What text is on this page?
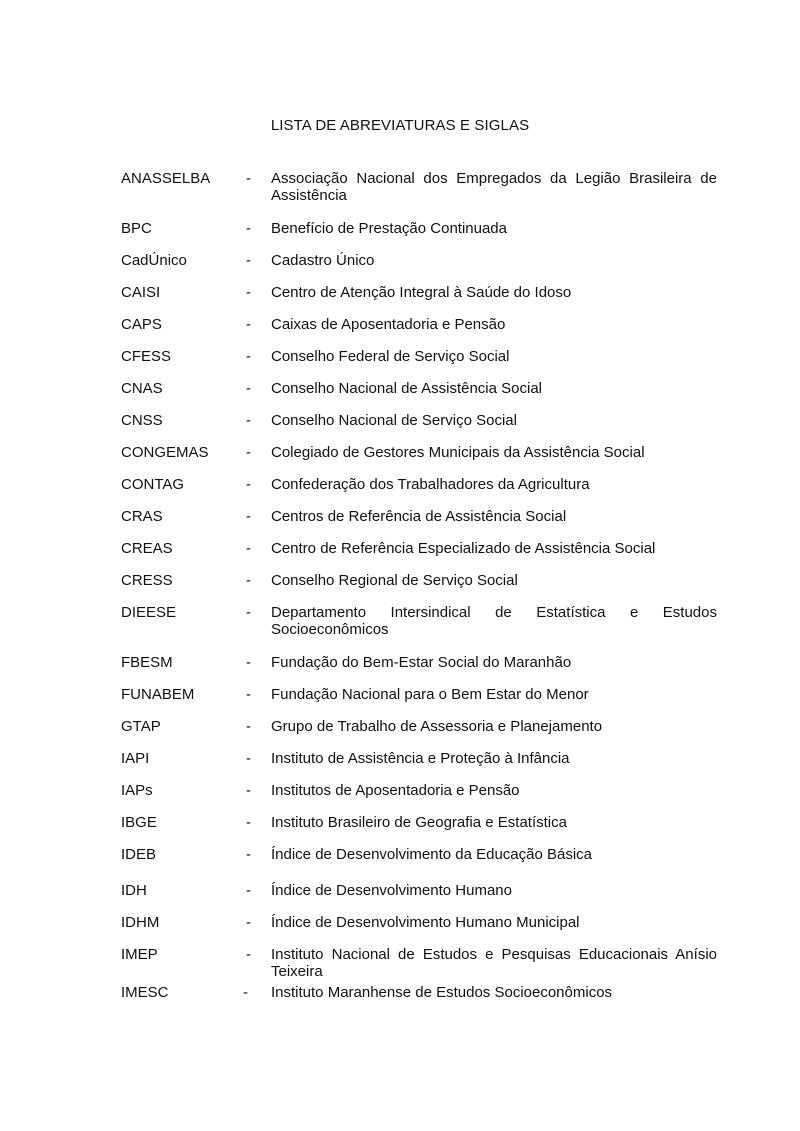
LISTA DE ABREVIATURAS E SIGLAS
ANASSELBA - Associação Nacional dos Empregados da Legião Brasileira de Assistência
BPC	- Benefício de Prestação Continuada
CadÚnico	- Cadastro Único
CAISI	- Centro de Atenção Integral à Saúde do Idoso
CAPS	- Caixas de Aposentadoria e Pensão
CFESS	- Conselho Federal de Serviço Social
CNAS	- Conselho Nacional de Assistência Social
CNSS	- Conselho Nacional de Serviço Social
CONGEMAS - Colegiado de Gestores Municipais da Assistência Social
CONTAG	- Confederação dos Trabalhadores da Agricultura
CRAS	- Centros de Referência de Assistência Social
CREAS	- Centro de Referência Especializado de Assistência Social
CRESS	- Conselho Regional de Serviço Social
DIEESE	- Departamento Intersindical de Estatística e Estudos Socioeconômicos
FBESM	- Fundação do Bem-Estar Social do Maranhão
FUNABEM	- Fundação Nacional para o Bem Estar do Menor
GTAP	- Grupo de Trabalho de Assessoria e Planejamento
IAPI	- Instituto de Assistência e Proteção à Infância
IAPs	- Institutos de Aposentadoria e Pensão
IBGE	- Instituto Brasileiro de Geografia e Estatística
IDEB	- Índice de Desenvolvimento da Educação Básica
IDH	- Índice de Desenvolvimento Humano
IDHM	- Índice de Desenvolvimento Humano Municipal
IMEP	- Instituto Nacional de Estudos e Pesquisas Educacionais Anísio Teixeira
IMESC	- Instituto Maranhense de Estudos Socioeconômicos
